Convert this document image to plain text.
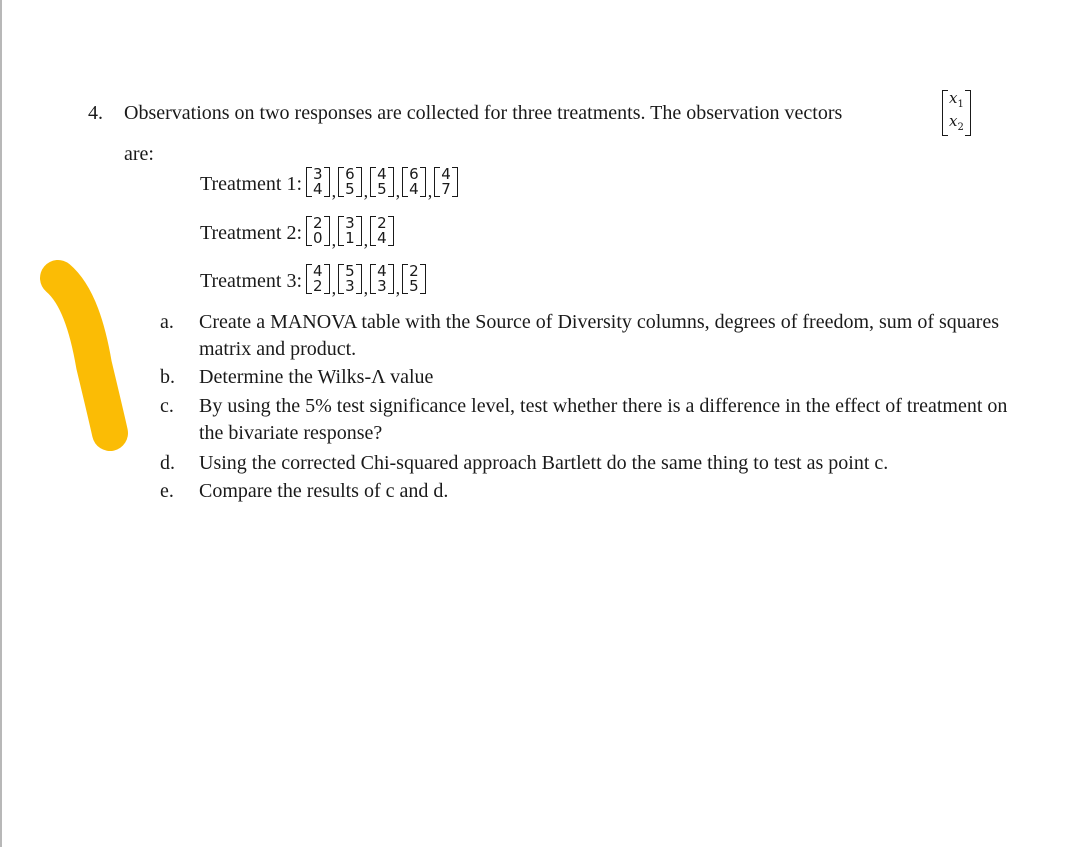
4. Observations on two responses are collected for three treatments. The observation vectors
$x_1$
$x_2$
are:
Treatment 1: 3
4 ,
6
5 ,
4
5 ,
6
4 ,
4
7
Treatment 2: 2
0 ,
3
1 ,
2
4
Treatment 3: 4
2 ,
5
3 ,
4
3 ,
2
5
a.	Create a MANOVA table with the Source of Diversity columns, degrees of freedom, sum of squares matrix and product.
b.	Determine the Wilks-Λ value
c.	By using the 5% test significance level, test whether there is a difference in the effect of treatment on the bivariate response?
d.	Using the corrected Chi-squared approach Bartlett do the same thing to test as point c.
e.	Compare the results of c and d.
